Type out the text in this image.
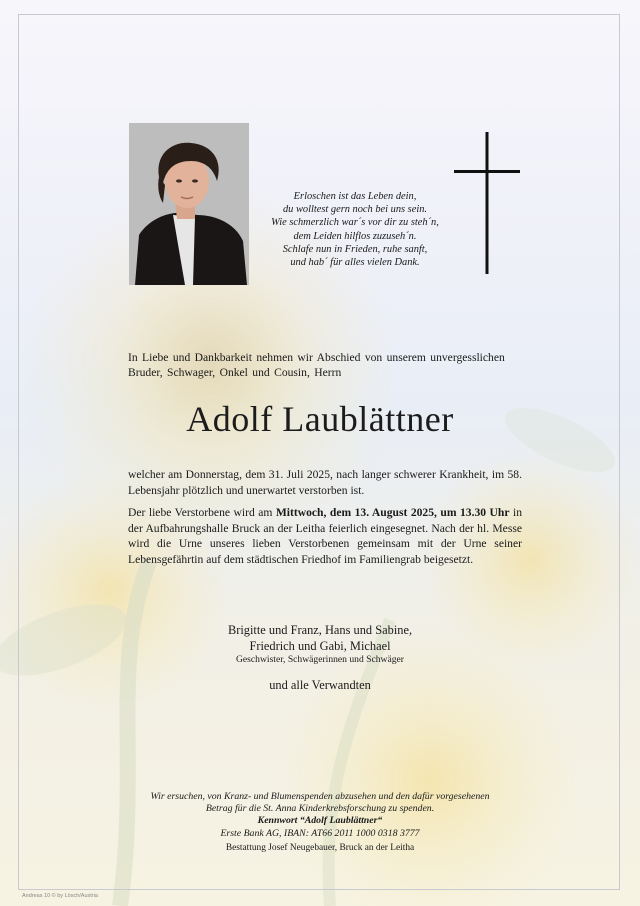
Erloschen ist das Leben dein,
du wolltest gern noch bei uns sein.
Wie schmerzlich war´s vor dir zu steh´n,
dem Leiden hilflos zuzuseh´n.
Schlafe nun in Frieden, ruhe sanft,
und hab´ für alles vielen Dank.
In Liebe und Dankbarkeit nehmen wir Abschied von unserem unvergesslichen
Bruder, Schwager, Onkel und Cousin, Herrn
Adolf Laublättner
welcher am Donnerstag, dem 31. Juli 2025, nach langer schwerer Krankheit, im 58. Lebensjahr plötzlich und unerwartet verstorben ist.
Der liebe Verstorbene wird am Mittwoch, dem 13. August 2025, um 13.30 Uhr in der Aufbahrungshalle Bruck an der Leitha feierlich eingesegnet. Nach der hl. Messe wird die Urne unseres lieben Verstorbenen gemeinsam mit der Urne seiner Lebensgefährtin auf dem städtischen Friedhof im Familiengrab beigesetzt.
Brigitte und Franz, Hans und Sabine,
Friedrich und Gabi, Michael
Geschwister, Schwägerinnen und Schwäger
und alle Verwandten
Wir ersuchen, von Kranz- und Blumenspenden abzusehen und den dafür vorgesehenen
Betrag für die St. Anna Kinderkrebsforschung zu spenden.
Kennwort “Adolf Laublättner“
Erste Bank AG, IBAN: AT66 2011 1000 0318 3777
Bestattung Josef Neugebauer, Bruck an der Leitha
Andreas 10 © by Lösch/Austria
